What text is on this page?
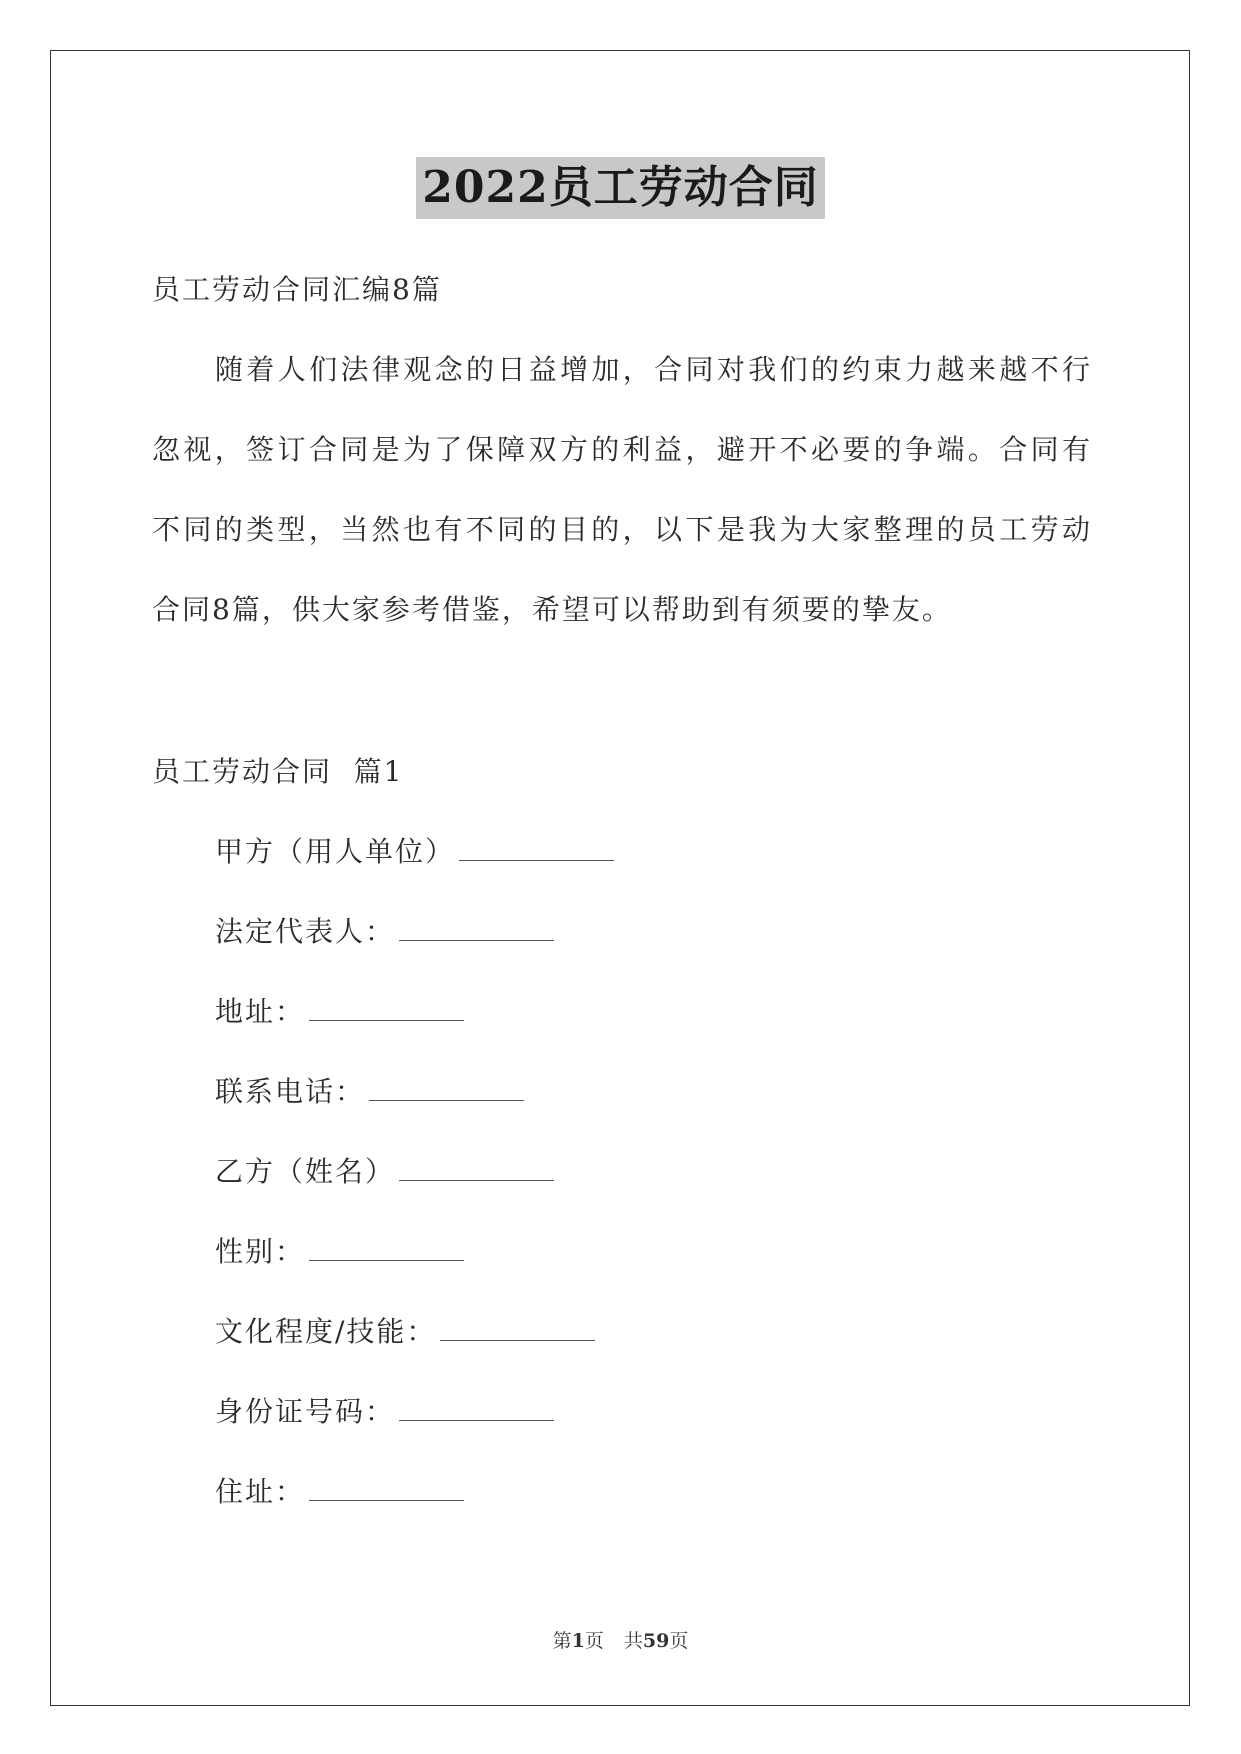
2022员工劳动合同
员工劳动合同汇编8篇
随着人们法律观念的日益增加，合同对我们的约束力越来越不行
忽视，签订合同是为了保障双方的利益，避开不必要的争端。合同有
不同的类型，当然也有不同的目的，以下是我为大家整理的员工劳动
合同8篇，供大家参考借鉴，希望可以帮助到有须要的挚友。
员工劳动合同  篇1
甲方（用人单位）
法定代表人：
地址：
联系电话：
乙方（姓名）
性别：
文化程度/技能：
身份证号码：
住址：
第1页 共59页
